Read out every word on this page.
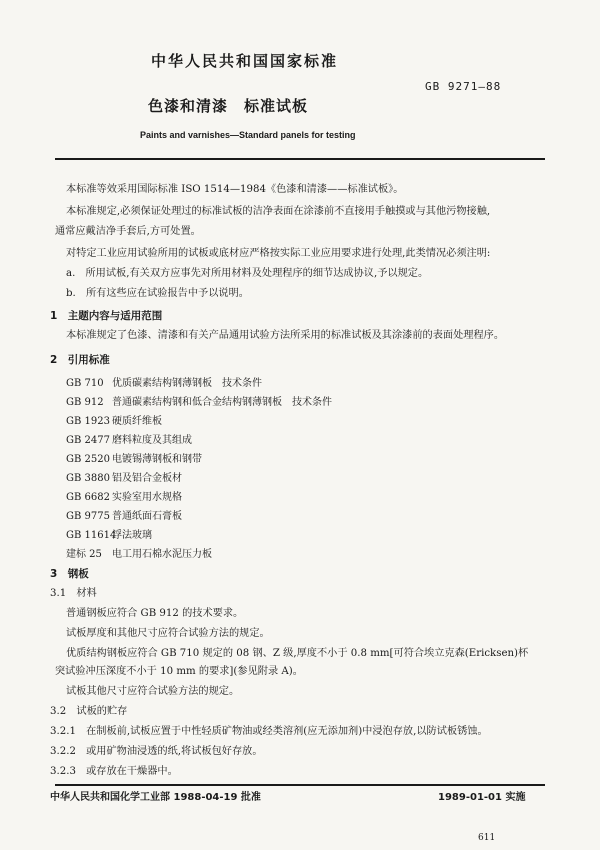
中华人民共和国国家标准
GB 9271—88
色漆和清漆　标准试板
Paints and varnishes—Standard panels for testing
本标准等效采用国际标准 ISO 1514—1984《色漆和清漆——标准试板》。
本标准规定,必须保证处理过的标准试板的洁净表面在涂漆前不直接用手触摸或与其他污物接触,
通常应戴洁净手套后,方可处置。
对特定工业应用试验所用的试板或底材应严格按实际工业应用要求进行处理,此类情况必须注明:
a.　所用试板,有关双方应事先对所用材料及处理程序的细节达成协议,予以规定。
b.　所有这些应在试验报告中予以说明。
1　主题内容与适用范围
本标准规定了色漆、清漆和有关产品通用试验方法所采用的标准试板及其涂漆前的表面处理程序。
2　引用标准
GB 710 优质碳素结构钢薄钢板　技术条件
GB 912 普通碳素结构钢和低合金结构钢薄钢板　技术条件
GB 1923 硬质纤维板
GB 2477 磨料粒度及其组成
GB 2520 电镀锡薄钢板和钢带
GB 3880 铝及铝合金板材
GB 6682 实验室用水规格
GB 9775 普通纸面石膏板
GB 11614浮法玻璃
建标 25 电工用石棉水泥压力板
3　钢板
3.1　材料
普通钢板应符合 GB 912 的技术要求。
试板厚度和其他尺寸应符合试验方法的规定。
优质结构钢板应符合 GB 710 规定的 08 钢、Z 级,厚度不小于 0.8 mm[可符合埃立克森(Ericksen)杯
突试验冲压深度不小于 10 mm 的要求](参见附录 A)。
试板其他尺寸应符合试验方法的规定。
3.2　试板的贮存
3.2.1　在制板前,试板应置于中性轻质矿物油或经类溶剂(应无添加剂)中浸泡存放,以防试板锈蚀。
3.2.2　或用矿物油浸透的纸,将试板包好存放。
3.2.3　或存放在干燥器中。
中华人民共和国化学工业部 1988-04-19 批准	1989-01-01 实施
611
